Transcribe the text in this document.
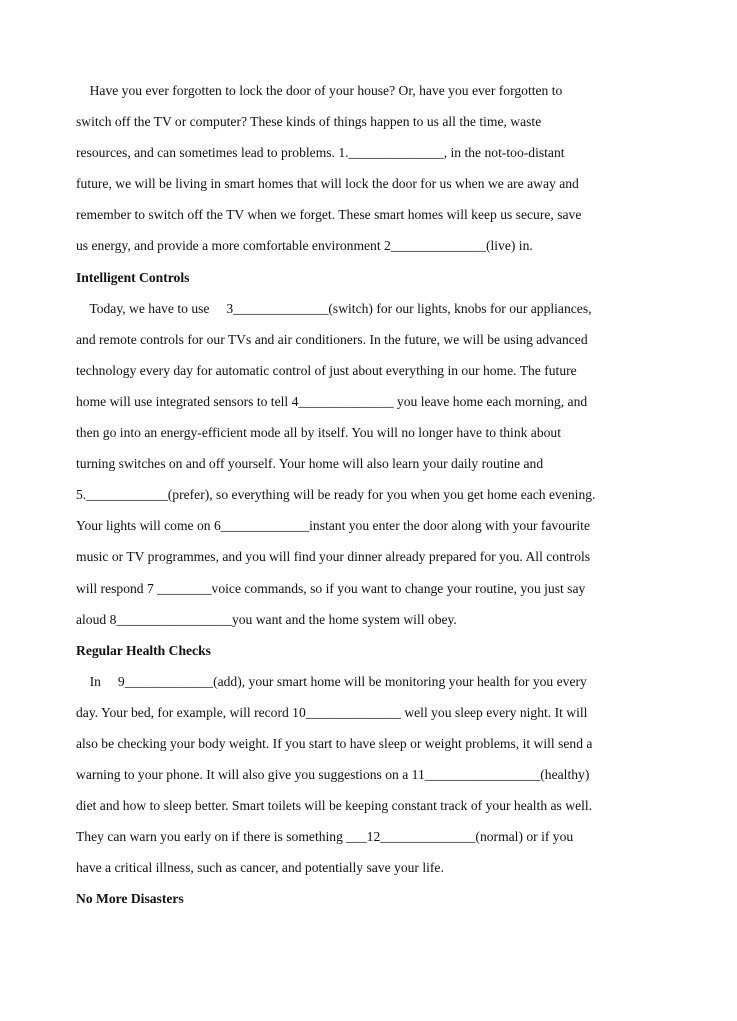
Have you ever forgotten to lock the door of your house? Or, have you ever forgotten to
switch off the TV or computer? These kinds of things happen to us all the time, waste
resources, and can sometimes lead to problems. 1.______________, in the not-too-distant
future, we will be living in smart homes that will lock the door for us when we are away and
remember to switch off the TV when we forget. These smart homes will keep us secure, save
us energy, and provide a more comfortable environment 2______________(live) in.
Intelligent Controls
Today, we have to use     3______________(switch) for our lights, knobs for our appliances,
and remote controls for our TVs and air conditioners. In the future, we will be using advanced
technology every day for automatic control of just about everything in our home. The future
home will use integrated sensors to tell 4______________ you leave home each morning, and
then go into an energy-efficient mode all by itself. You will no longer have to think about
turning switches on and off yourself. Your home will also learn your daily routine and
5.____________(prefer), so everything will be ready for you when you get home each evening.
Your lights will come on 6_____________instant you enter the door along with your favourite
music or TV programmes, and you will find your dinner already prepared for you. All controls
will respond 7 ________voice commands, so if you want to change your routine, you just say
aloud 8_________________you want and the home system will obey.
Regular Health Checks
In     9_____________(add), your smart home will be monitoring your health for you every
day. Your bed, for example, will record 10______________ well you sleep every night. It will
also be checking your body weight. If you start to have sleep or weight problems, it will send a
warning to your phone. It will also give you suggestions on a 11_________________(healthy)
diet and how to sleep better. Smart toilets will be keeping constant track of your health as well.
They can warn you early on if there is something ___12______________(normal) or if you
have a critical illness, such as cancer, and potentially save your life.
No More Disasters
